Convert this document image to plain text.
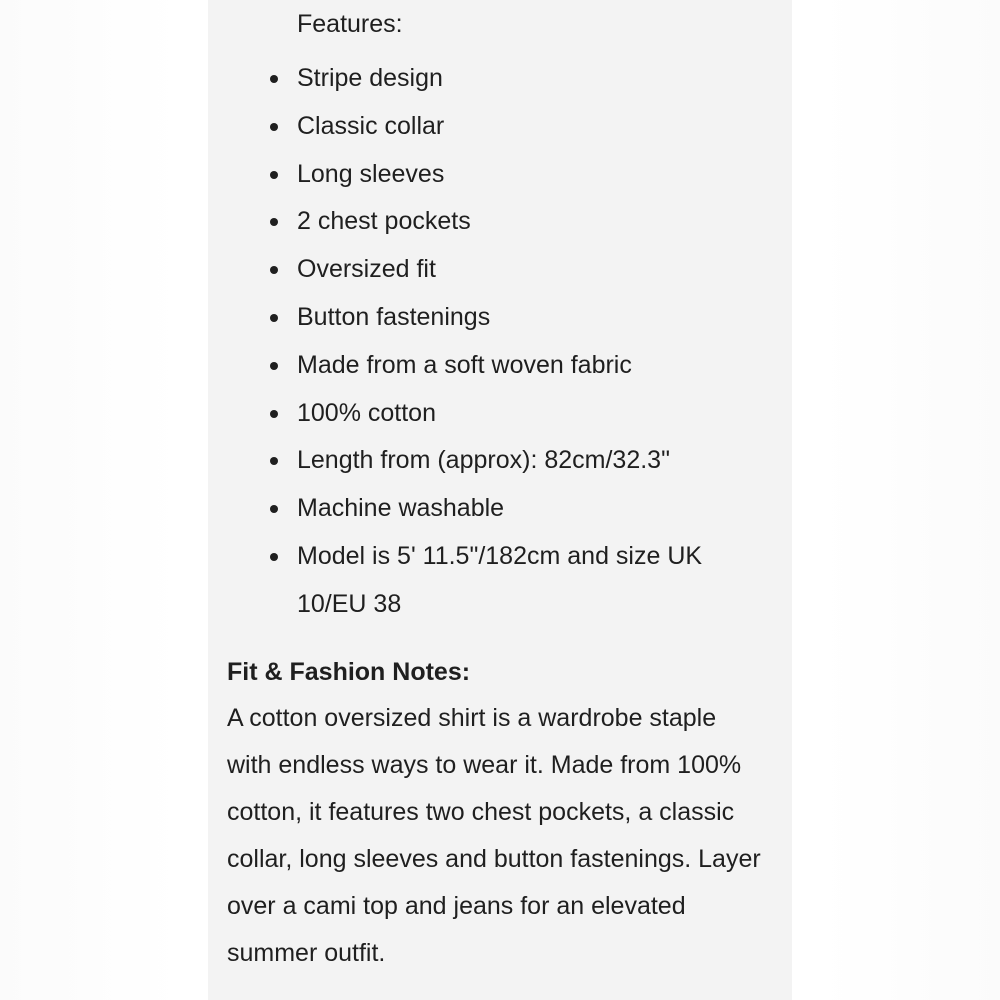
Features:
Stripe design
Classic collar
Long sleeves
2 chest pockets
Oversized fit
Button fastenings
Made from a soft woven fabric
100% cotton
Length from (approx): 82cm/32.3"
Machine washable
Model is 5' 11.5"/182cm and size UK 10/EU 38
Fit & Fashion Notes:

A cotton oversized shirt is a wardrobe staple with endless ways to wear it. Made from 100% cotton, it features two chest pockets, a classic collar, long sleeves and button fastenings. Layer over a cami top and jeans for an elevated summer outfit.
